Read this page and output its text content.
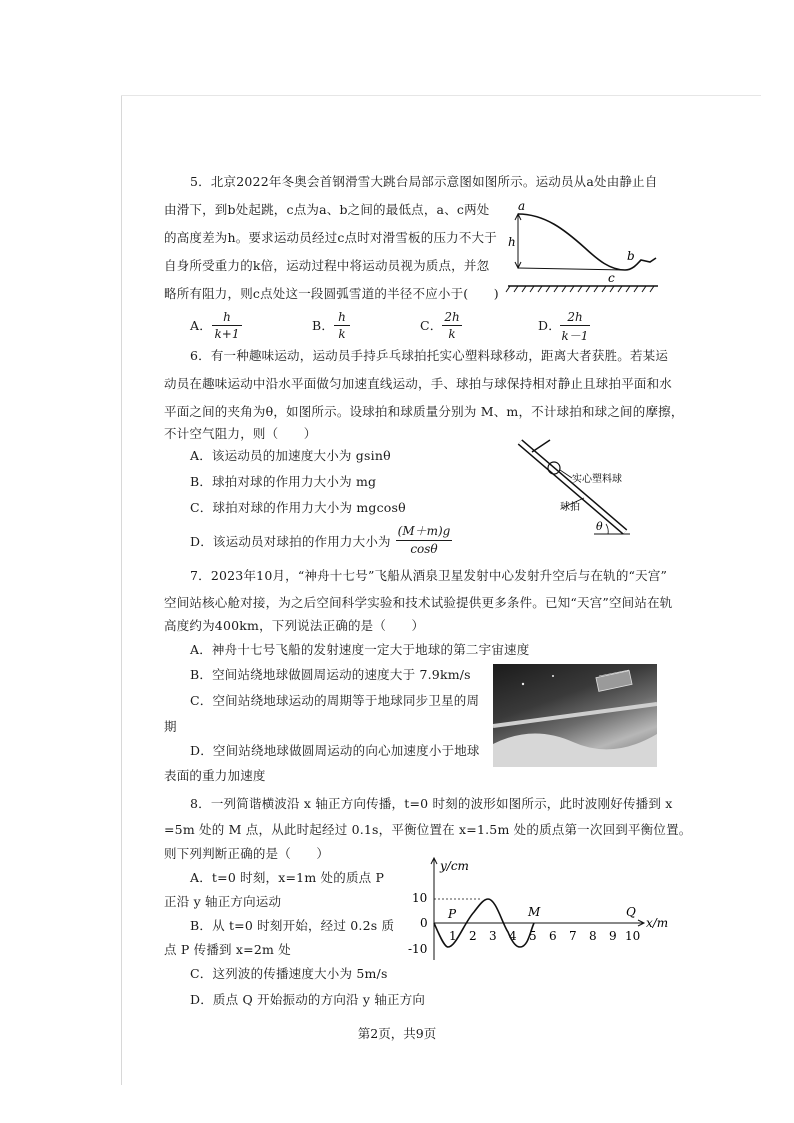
5．北京2022年冬奥会首钢滑雪大跳台局部示意图如图所示。运动员从a处由静止自
由滑下，到b处起跳，c点为a、b之间的最低点，a、c两处
的高度差为h。要求运动员经过c点时对滑雪板的压力不大于
自身所受重力的k倍，运动过程中将运动员视为质点，并忽
略所有阻力，则c点处这一段圆弧雪道的半径不应小于(　　)
a
h
c
b
A．
h
k+1
B．
h
k
C．
2h
k
D．
2h
k－1
6．有一种趣味运动，运动员手持乒乓球拍托实心塑料球移动，距离大者获胜。若某运
动员在趣味运动中沿水平面做匀加速直线运动，手、球拍与球保持相对静止且球拍平面和水
平面之间的夹角为θ，如图所示。设球拍和球质量分别为 M、m，不计球拍和球之间的摩擦，
不计空气阻力，则（　　）
A．该运动员的加速度大小为 gsinθ
B．球拍对球的作用力大小为 mg
C．球拍对球的作用力大小为 mgcosθ
D．该运动员对球拍的作用力大小为
(M＋m)g
cosθ
实心塑料球
球拍
θ
7．2023年10月，“神舟十七号”飞船从酒泉卫星发射中心发射升空后与在轨的“天宫”
空间站核心舱对接，为之后空间科学实验和技术试验提供更多条件。已知“天宫”空间站在轨
高度约为400km，下列说法正确的是（　　）
A．神舟十七号飞船的发射速度一定大于地球的第二宇宙速度
B．空间站绕地球做圆周运动的速度大于 7.9km/s
C．空间站绕地球运动的周期等于地球同步卫星的周
期
D．空间站绕地球做圆周运动的向心加速度小于地球
表面的重力加速度
8．一列简谐横波沿 x 轴正方向传播，t=0 时刻的波形如图所示，此时波刚好传播到 x
=5m 处的 M 点，从此时起经过 0.1s，平衡位置在 x=1.5m 处的质点第一次回到平衡位置。
则下列判断正确的是（　　）
A．t=0 时刻，x=1m 处的质点 P
正沿 y 轴正方向运动
B．从 t=0 时刻开始，经过 0.2s 质
点 P 传播到 x=2m 处
C．这列波的传播速度大小为 5m/s
D．质点 Q 开始振动的方向沿 y 轴正方向
y/cm
x/m
10
0
-10
1 2 3 4 5 6 7 8 9 10
P	M	Q
第2页，共9页
